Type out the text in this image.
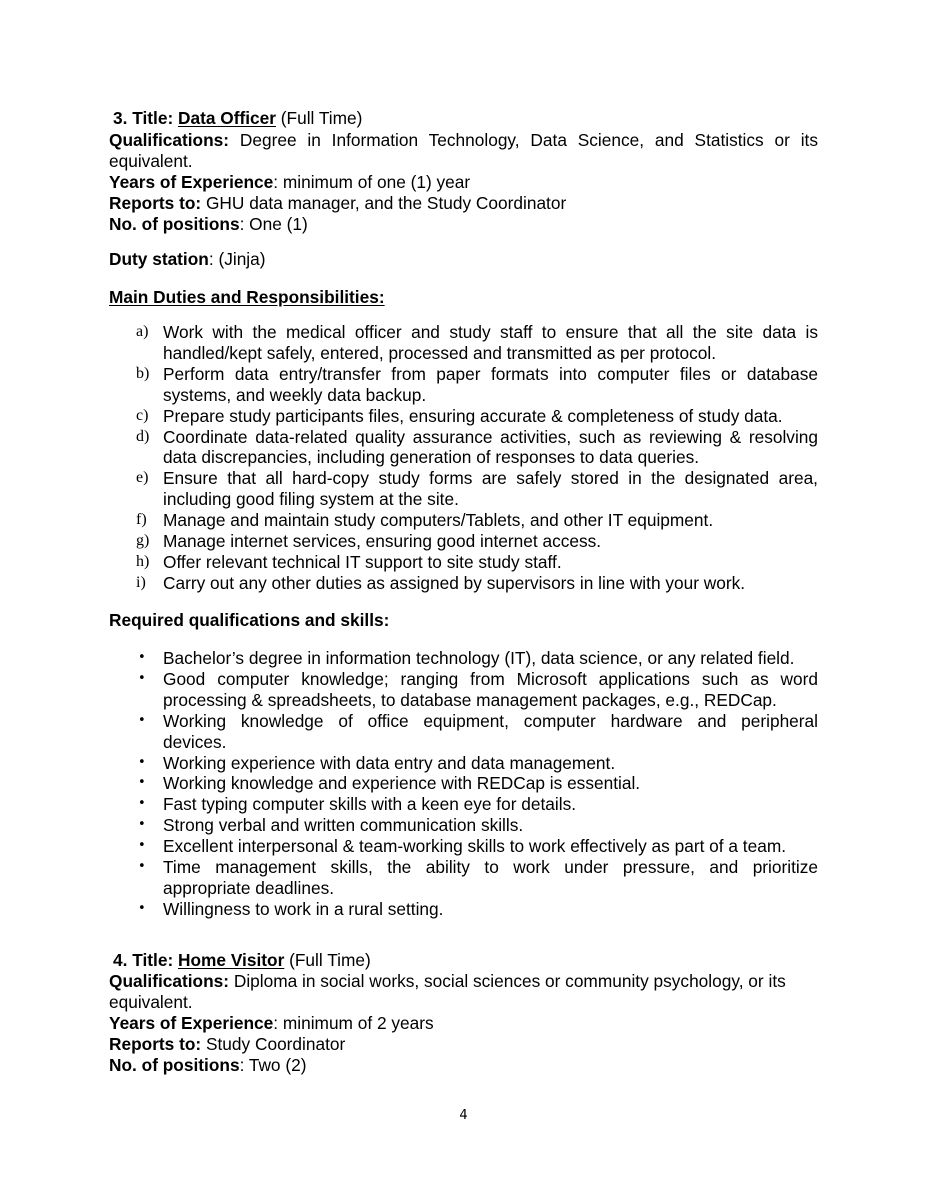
3. Title: Data Officer (Full Time)
Qualifications: Degree in Information Technology, Data Science, and Statistics or its
equivalent.
Years of Experience: minimum of one (1) year
Reports to: GHU data manager, and the Study Coordinator
No. of positions: One (1)
Duty station: (Jinja)
Main Duties and Responsibilities:
a) Work with the medical officer and study staff to ensure that all the site data is
handled/kept safely, entered, processed and transmitted as per protocol.
b) Perform data entry/transfer from paper formats into computer files or database
systems, and weekly data backup.
c) Prepare study participants files, ensuring accurate & completeness of study data.
d) Coordinate data-related quality assurance activities, such as reviewing & resolving
data discrepancies, including generation of responses to data queries.
e) Ensure that all hard-copy study forms are safely stored in the designated area,
including good filing system at the site.
f) Manage and maintain study computers/Tablets, and other IT equipment.
g) Manage internet services, ensuring good internet access.
h) Offer relevant technical IT support to site study staff.
i) Carry out any other duties as assigned by supervisors in line with your work.
Required qualifications and skills:
• Bachelor’s degree in information technology (IT), data science, or any related field.
• Good computer knowledge; ranging from Microsoft applications such as word
processing & spreadsheets, to database management packages, e.g., REDCap.
• Working knowledge of office equipment, computer hardware and peripheral
devices.
• Working experience with data entry and data management.
• Working knowledge and experience with REDCap is essential.
• Fast typing computer skills with a keen eye for details.
• Strong verbal and written communication skills.
• Excellent interpersonal & team-working skills to work effectively as part of a team.
• Time management skills, the ability to work under pressure, and prioritize
appropriate deadlines.
• Willingness to work in a rural setting.
4. Title: Home Visitor (Full Time)
Qualifications: Diploma in social works, social sciences or community psychology, or its
equivalent.
Years of Experience: minimum of 2 years
Reports to: Study Coordinator
No. of positions: Two (2)
4
